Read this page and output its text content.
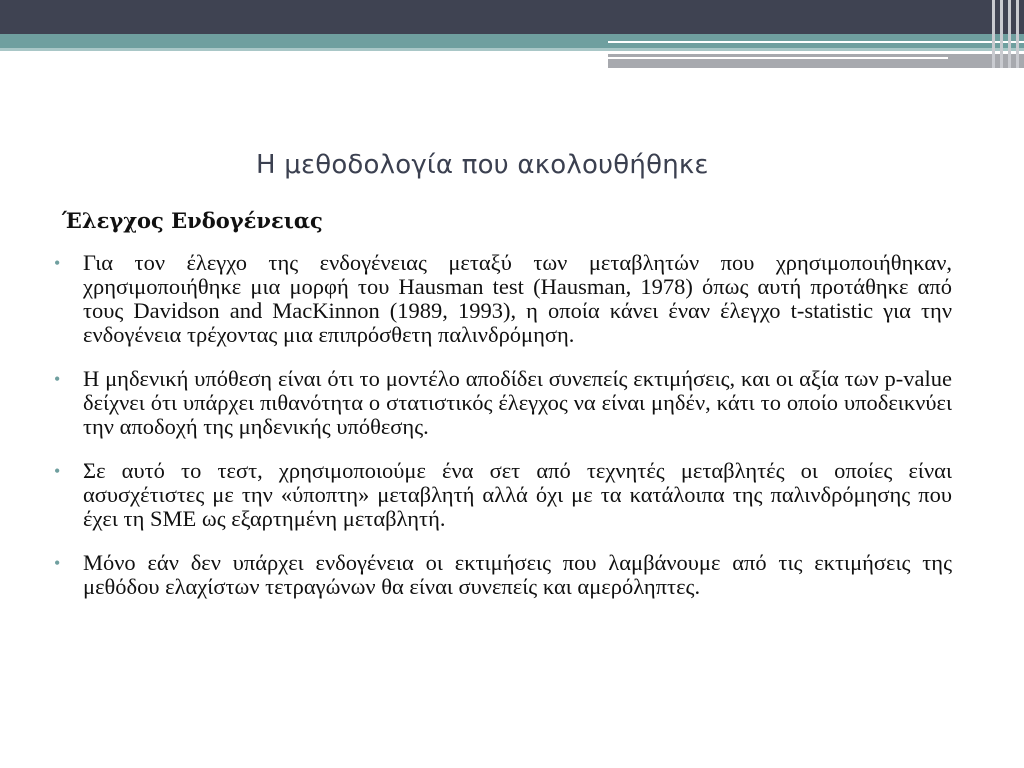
Η μεθοδολογία που ακολουθήθηκε
Έλεγχος Ενδογένειας
• Για τον έλεγχο της ενδογένειας μεταξύ των μεταβλητών που χρησιμοποιήθηκαν, χρησιμοποιήθηκε μια μορφή του Hausman test (Hausman, 1978) όπως αυτή προτάθηκε από τους Davidson and MacKinnon (1989, 1993), η οποία κάνει έναν έλεγχο t-statistic για την ενδογένεια τρέχοντας μια επιπρόσθετη παλινδρόμηση.
• Η μηδενική υπόθεση είναι ότι το μοντέλο αποδίδει συνεπείς εκτιμήσεις, και οι αξία των p-value δείχνει ότι υπάρχει πιθανότητα ο στατιστικός έλεγχος να είναι μηδέν, κάτι το οποίο υποδεικνύει την αποδοχή της μηδενικής υπόθεσης.
• Σε αυτό το τεστ, χρησιμοποιούμε ένα σετ από τεχνητές μεταβλητές οι οποίες είναι ασυσχέτιστες με την «ύποπτη» μεταβλητή αλλά όχι με τα κατάλοιπα της παλινδρόμησης που έχει τη SME ως εξαρτημένη μεταβλητή.
• Μόνο εάν δεν υπάρχει ενδογένεια οι εκτιμήσεις που λαμβάνουμε από τις εκτιμήσεις της μεθόδου ελαχίστων τετραγώνων θα είναι συνεπείς και αμερόληπτες.
